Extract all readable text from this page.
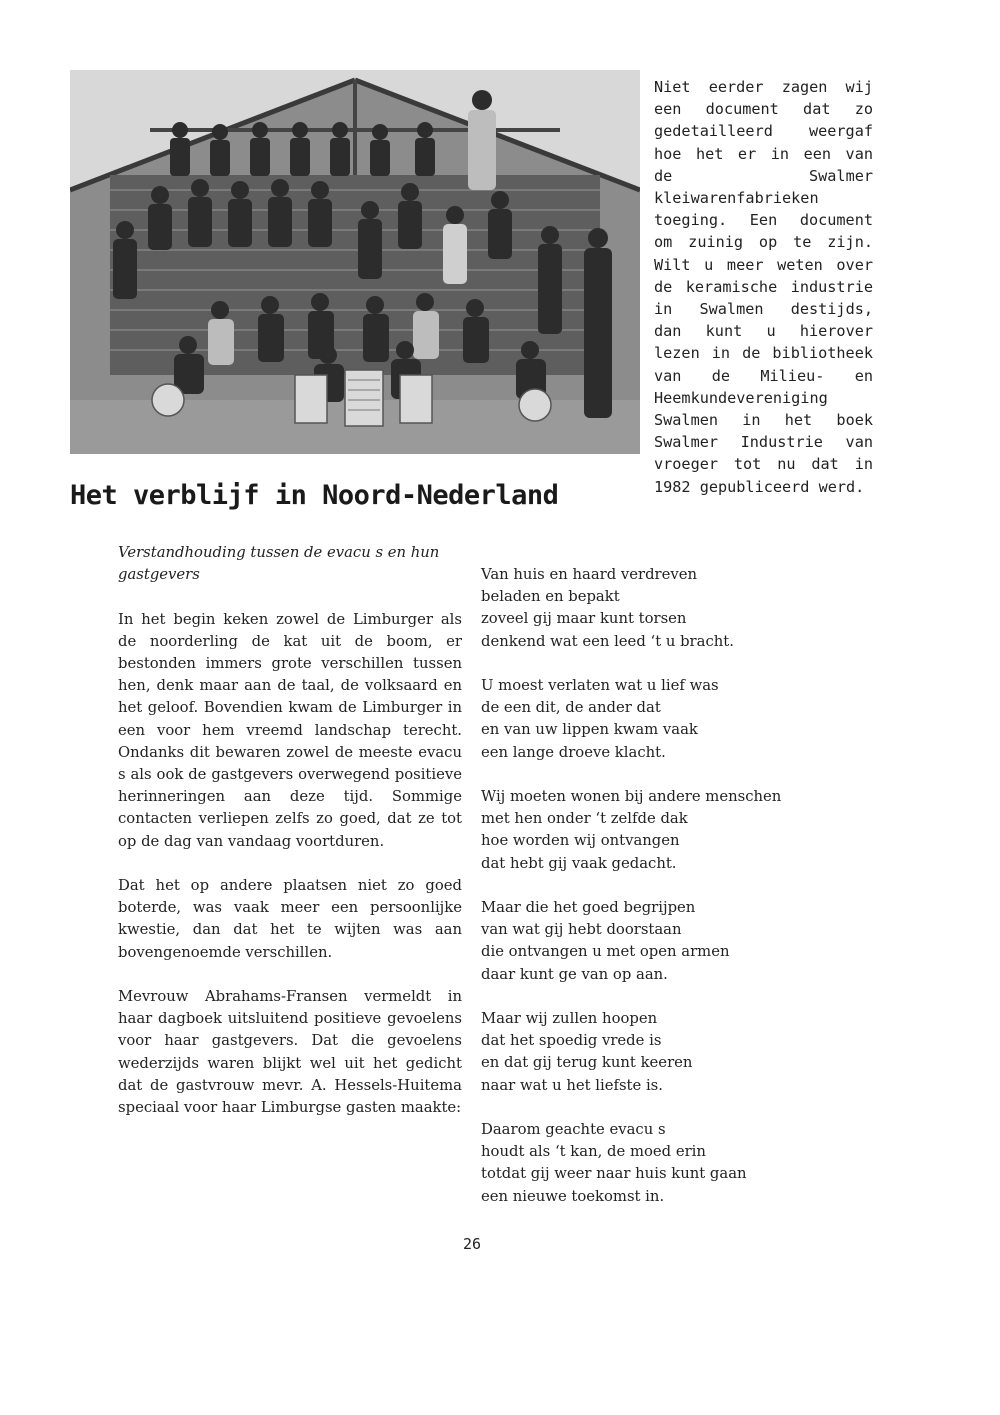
Niet eerder zagen wij een document dat zo gedetailleerd weergaf hoe het er in een van de Swalmer kleiwarenfabrieken toeging. Een document om zuinig op te zijn. Wilt u meer weten over de keramische industrie in Swalmen destijds, dan kunt u hierover lezen in de bibliotheek van de Milieu- en Heemkundevereniging Swalmen in het boek Swalmer Industrie van vroeger tot nu dat in 1982 gepubliceerd werd.

Het verblijf in Noord-Nederland

Verstandhouding tussen de evacu s en hun gastgevers

In het begin keken zowel de Limburger als de noorderling de kat uit de boom, er bestonden immers grote verschillen tussen hen, denk maar aan de taal, de volksaard en het geloof. Bovendien kwam de Limburger in een voor hem vreemd landschap terecht. Ondanks dit bewaren zowel de meeste evacu s als ook de gastgevers overwegend positieve herinneringen aan deze tijd. Sommige contacten verliepen zelfs zo goed, dat ze tot op de dag van vandaag voortduren.

Dat het op andere plaatsen niet zo goed boterde, was vaak meer een persoonlijke kwestie, dan dat het te wijten was aan bovengenoemde verschillen.

Mevrouw Abrahams-Fransen vermeldt in haar dagboek uitsluitend positieve gevoelens voor haar gastgevers. Dat die gevoelens wederzijds waren blijkt wel uit het gedicht dat de gastvrouw mevr. A. Hessels-Huitema speciaal voor haar Limburgse gasten maakte:

Van huis en haard verdreven
beladen en bepakt
zoveel gij maar kunt torsen
denkend wat een leed ‘t u bracht.
U moest verlaten wat u lief was
de een dit, de ander dat
en van uw lippen kwam vaak
een lange droeve klacht.
Wij moeten wonen bij andere menschen
met hen onder ‘t zelfde dak
hoe worden wij ontvangen
dat hebt gij vaak gedacht.
Maar die het goed begrijpen
van wat gij hebt doorstaan
die ontvangen u met open armen
daar kunt ge van op aan.
Maar wij zullen hoopen
dat het spoedig vrede is
en dat gij terug kunt keeren
naar wat u het liefste is.
Daarom geachte evacu s
houdt als ‘t kan, de moed erin
totdat gij weer naar huis kunt gaan
een nieuwe toekomst in.
26
